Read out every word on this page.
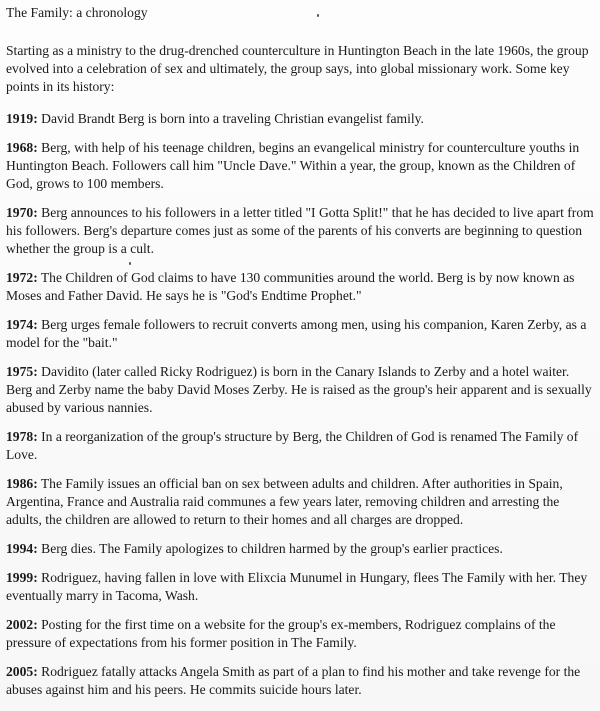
The Family: a chronology

Starting as a ministry to the drug-drenched counterculture in Huntington Beach in the late 1960s, the group evolved into a celebration of sex and ultimately, the group says, into global missionary work. Some key points in its history:

1919: David Brandt Berg is born into a traveling Christian evangelist family.

1968: Berg, with help of his teenage children, begins an evangelical ministry for counterculture youths in Huntington Beach. Followers call him "Uncle Dave." Within a year, the group, known as the Children of God, grows to 100 members.

1970: Berg announces to his followers in a letter titled "I Gotta Split!" that he has decided to live apart from his followers. Berg's departure comes just as some of the parents of his converts are beginning to question whether the group is a cult.

1972: The Children of God claims to have 130 communities around the world. Berg is by now known as Moses and Father David. He says he is "God's Endtime Prophet."

1974: Berg urges female followers to recruit converts among men, using his companion, Karen Zerby, as a model for the "bait."

1975: Davidito (later called Ricky Rodriguez) is born in the Canary Islands to Zerby and a hotel waiter. Berg and Zerby name the baby David Moses Zerby. He is raised as the group's heir apparent and is sexually abused by various nannies.

1978: In a reorganization of the group's structure by Berg, the Children of God is renamed The Family of Love.

1986: The Family issues an official ban on sex between adults and children. After authorities in Spain, Argentina, France and Australia raid communes a few years later, removing children and arresting the adults, the children are allowed to return to their homes and all charges are dropped.

1994: Berg dies. The Family apologizes to children harmed by the group's earlier practices.

1999: Rodriguez, having fallen in love with Elixcia Munumel in Hungary, flees The Family with her. They eventually marry in Tacoma, Wash.

2002: Posting for the first time on a website for the group's ex-members, Rodriguez complains of the pressure of expectations from his former position in The Family.

2005: Rodriguez fatally attacks Angela Smith as part of a plan to find his mother and take revenge for the abuses against him and his peers. He commits suicide hours later.
